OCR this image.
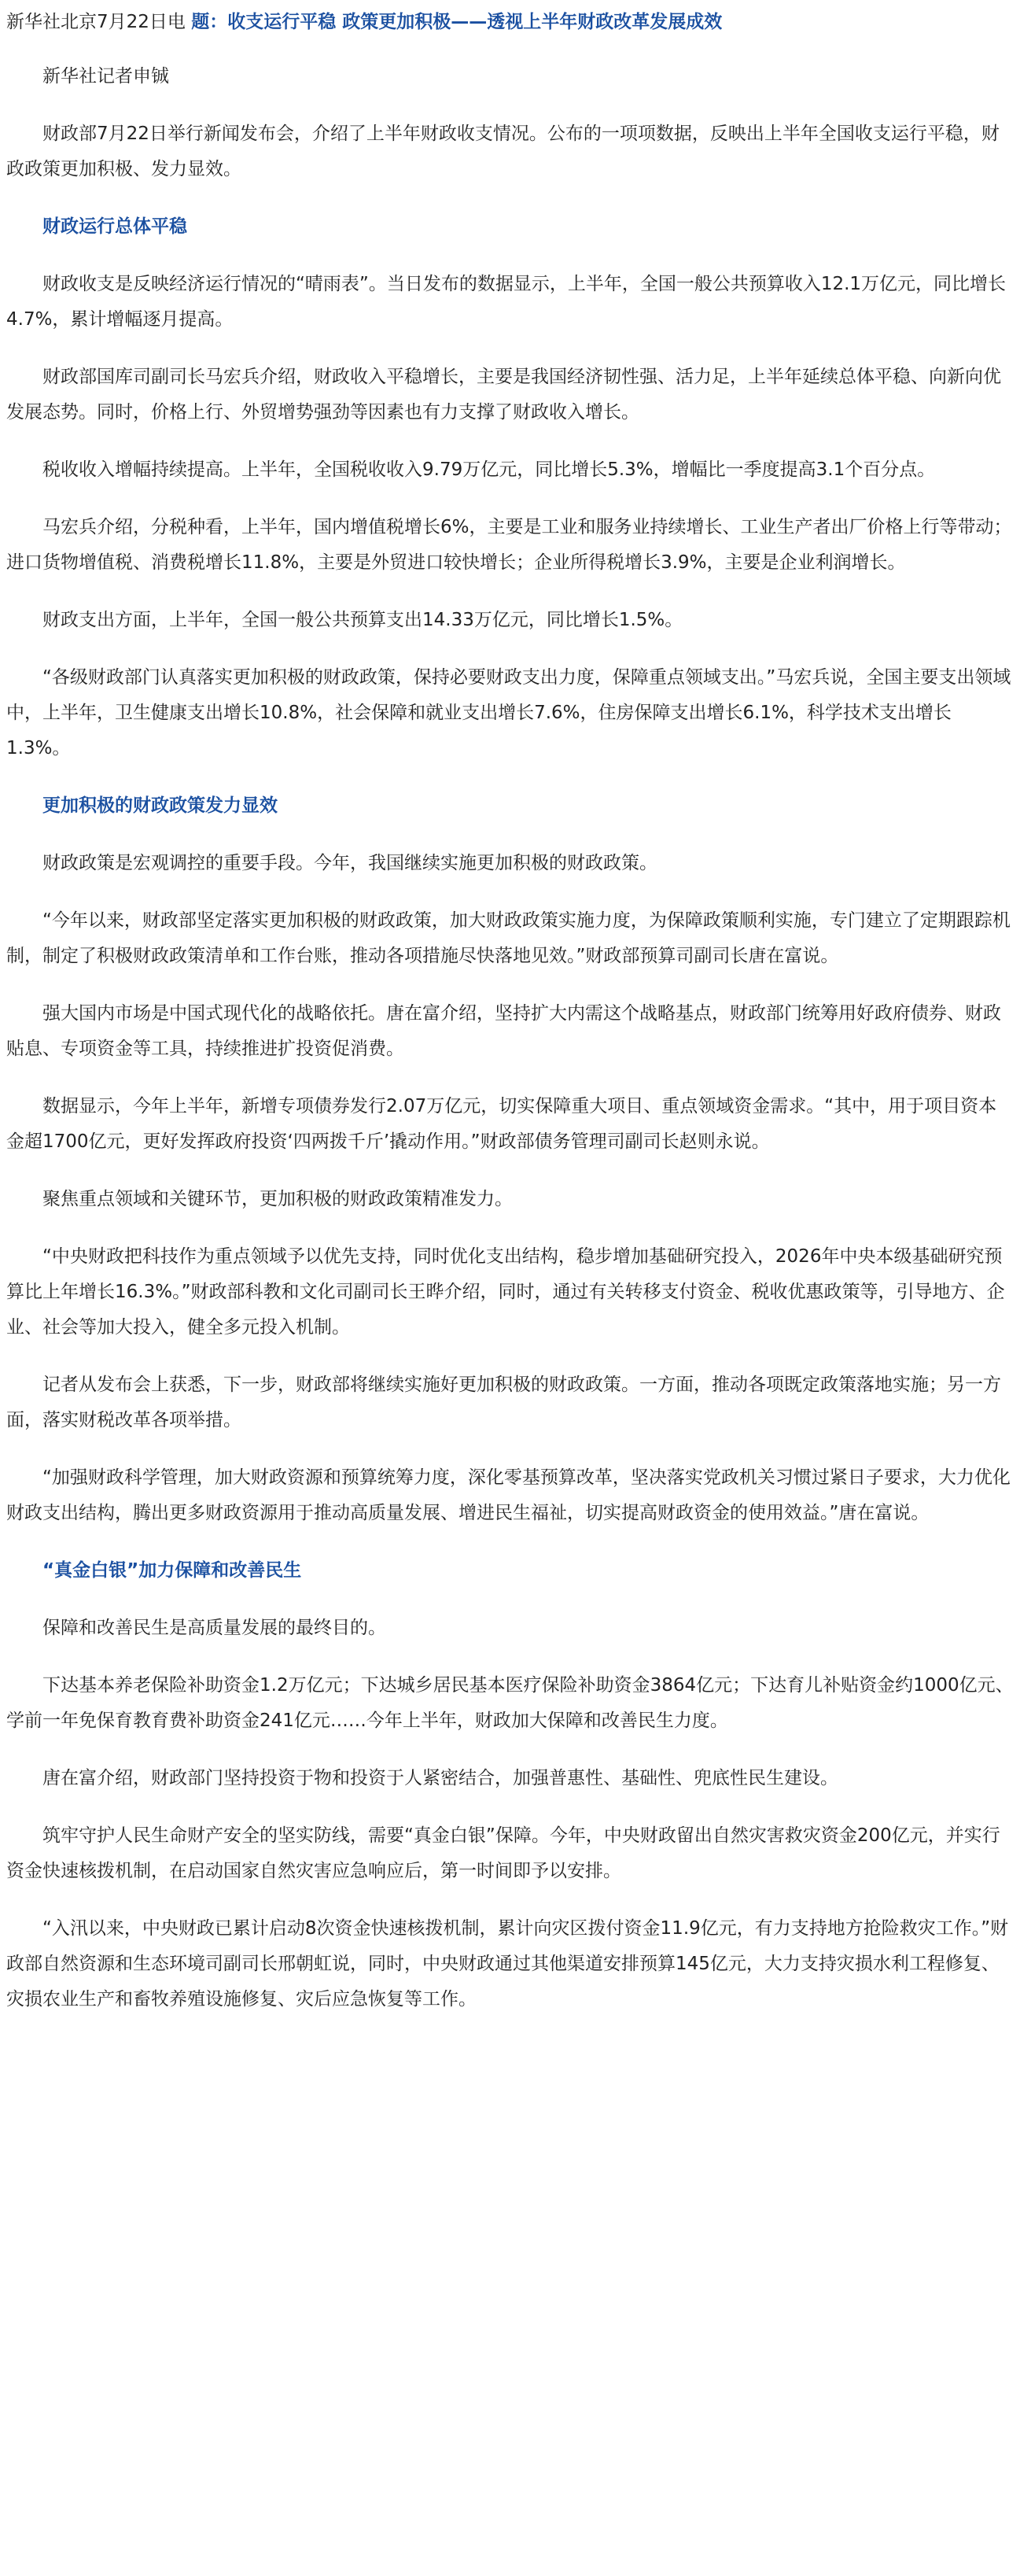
新华社北京7月22日电 题：收支运行平稳 政策更加积极——透视上半年财政改革发展成效
新华社记者申铖
财政部7月22日举行新闻发布会，介绍了上半年财政收支情况。公布的一项项数据，反映出上半年全国收支运行平稳，财政政策更加积极、发力显效。
财政运行总体平稳
财政收支是反映经济运行情况的“晴雨表”。当日发布的数据显示，上半年，全国一般公共预算收入12.1万亿元，同比增长4.7%，累计增幅逐月提高。
财政部国库司副司长马宏兵介绍，财政收入平稳增长，主要是我国经济韧性强、活力足，上半年延续总体平稳、向新向优发展态势。同时，价格上行、外贸增势强劲等因素也有力支撑了财政收入增长。
税收收入增幅持续提高。上半年，全国税收收入9.79万亿元，同比增长5.3%，增幅比一季度提高3.1个百分点。
马宏兵介绍，分税种看，上半年，国内增值税增长6%，主要是工业和服务业持续增长、工业生产者出厂价格上行等带动；进口货物增值税、消费税增长11.8%，主要是外贸进口较快增长；企业所得税增长3.9%，主要是企业利润增长。
财政支出方面，上半年，全国一般公共预算支出14.33万亿元，同比增长1.5%。
“各级财政部门认真落实更加积极的财政政策，保持必要财政支出力度，保障重点领域支出。”马宏兵说，全国主要支出领域中，上半年，卫生健康支出增长10.8%，社会保障和就业支出增长7.6%，住房保障支出增长6.1%，科学技术支出增长1.3%。
更加积极的财政政策发力显效
财政政策是宏观调控的重要手段。今年，我国继续实施更加积极的财政政策。
“今年以来，财政部坚定落实更加积极的财政政策，加大财政政策实施力度，为保障政策顺利实施，专门建立了定期跟踪机制，制定了积极财政政策清单和工作台账，推动各项措施尽快落地见效。”财政部预算司副司长唐在富说。
强大国内市场是中国式现代化的战略依托。唐在富介绍，坚持扩大内需这个战略基点，财政部门统筹用好政府债券、财政贴息、专项资金等工具，持续推进扩投资促消费。
数据显示，今年上半年，新增专项债券发行2.07万亿元，切实保障重大项目、重点领域资金需求。“其中，用于项目资本金超1700亿元，更好发挥政府投资‘四两拨千斤’撬动作用。”财政部债务管理司副司长赵则永说。
聚焦重点领域和关键环节，更加积极的财政政策精准发力。
“中央财政把科技作为重点领域予以优先支持，同时优化支出结构，稳步增加基础研究投入，2026年中央本级基础研究预算比上年增长16.3%。”财政部科教和文化司副司长王晔介绍，同时，通过有关转移支付资金、税收优惠政策等，引导地方、企业、社会等加大投入，健全多元投入机制。
记者从发布会上获悉，下一步，财政部将继续实施好更加积极的财政政策。一方面，推动各项既定政策落地实施；另一方面，落实财税改革各项举措。
“加强财政科学管理，加大财政资源和预算统筹力度，深化零基预算改革，坚决落实党政机关习惯过紧日子要求，大力优化财政支出结构，腾出更多财政资源用于推动高质量发展、增进民生福祉，切实提高财政资金的使用效益。”唐在富说。
“真金白银”加力保障和改善民生
保障和改善民生是高质量发展的最终目的。
下达基本养老保险补助资金1.2万亿元；下达城乡居民基本医疗保险补助资金3864亿元；下达育儿补贴资金约1000亿元、学前一年免保育教育费补助资金241亿元……今年上半年，财政加大保障和改善民生力度。
唐在富介绍，财政部门坚持投资于物和投资于人紧密结合，加强普惠性、基础性、兜底性民生建设。
筑牢守护人民生命财产安全的坚实防线，需要“真金白银”保障。今年，中央财政留出自然灾害救灾资金200亿元，并实行资金快速核拨机制，在启动国家自然灾害应急响应后，第一时间即予以安排。
“入汛以来，中央财政已累计启动8次资金快速核拨机制，累计向灾区拨付资金11.9亿元，有力支持地方抢险救灾工作。”财政部自然资源和生态环境司副司长邢朝虹说，同时，中央财政通过其他渠道安排预算145亿元，大力支持灾损水利工程修复、灾损农业生产和畜牧养殖设施修复、灾后应急恢复等工作。
